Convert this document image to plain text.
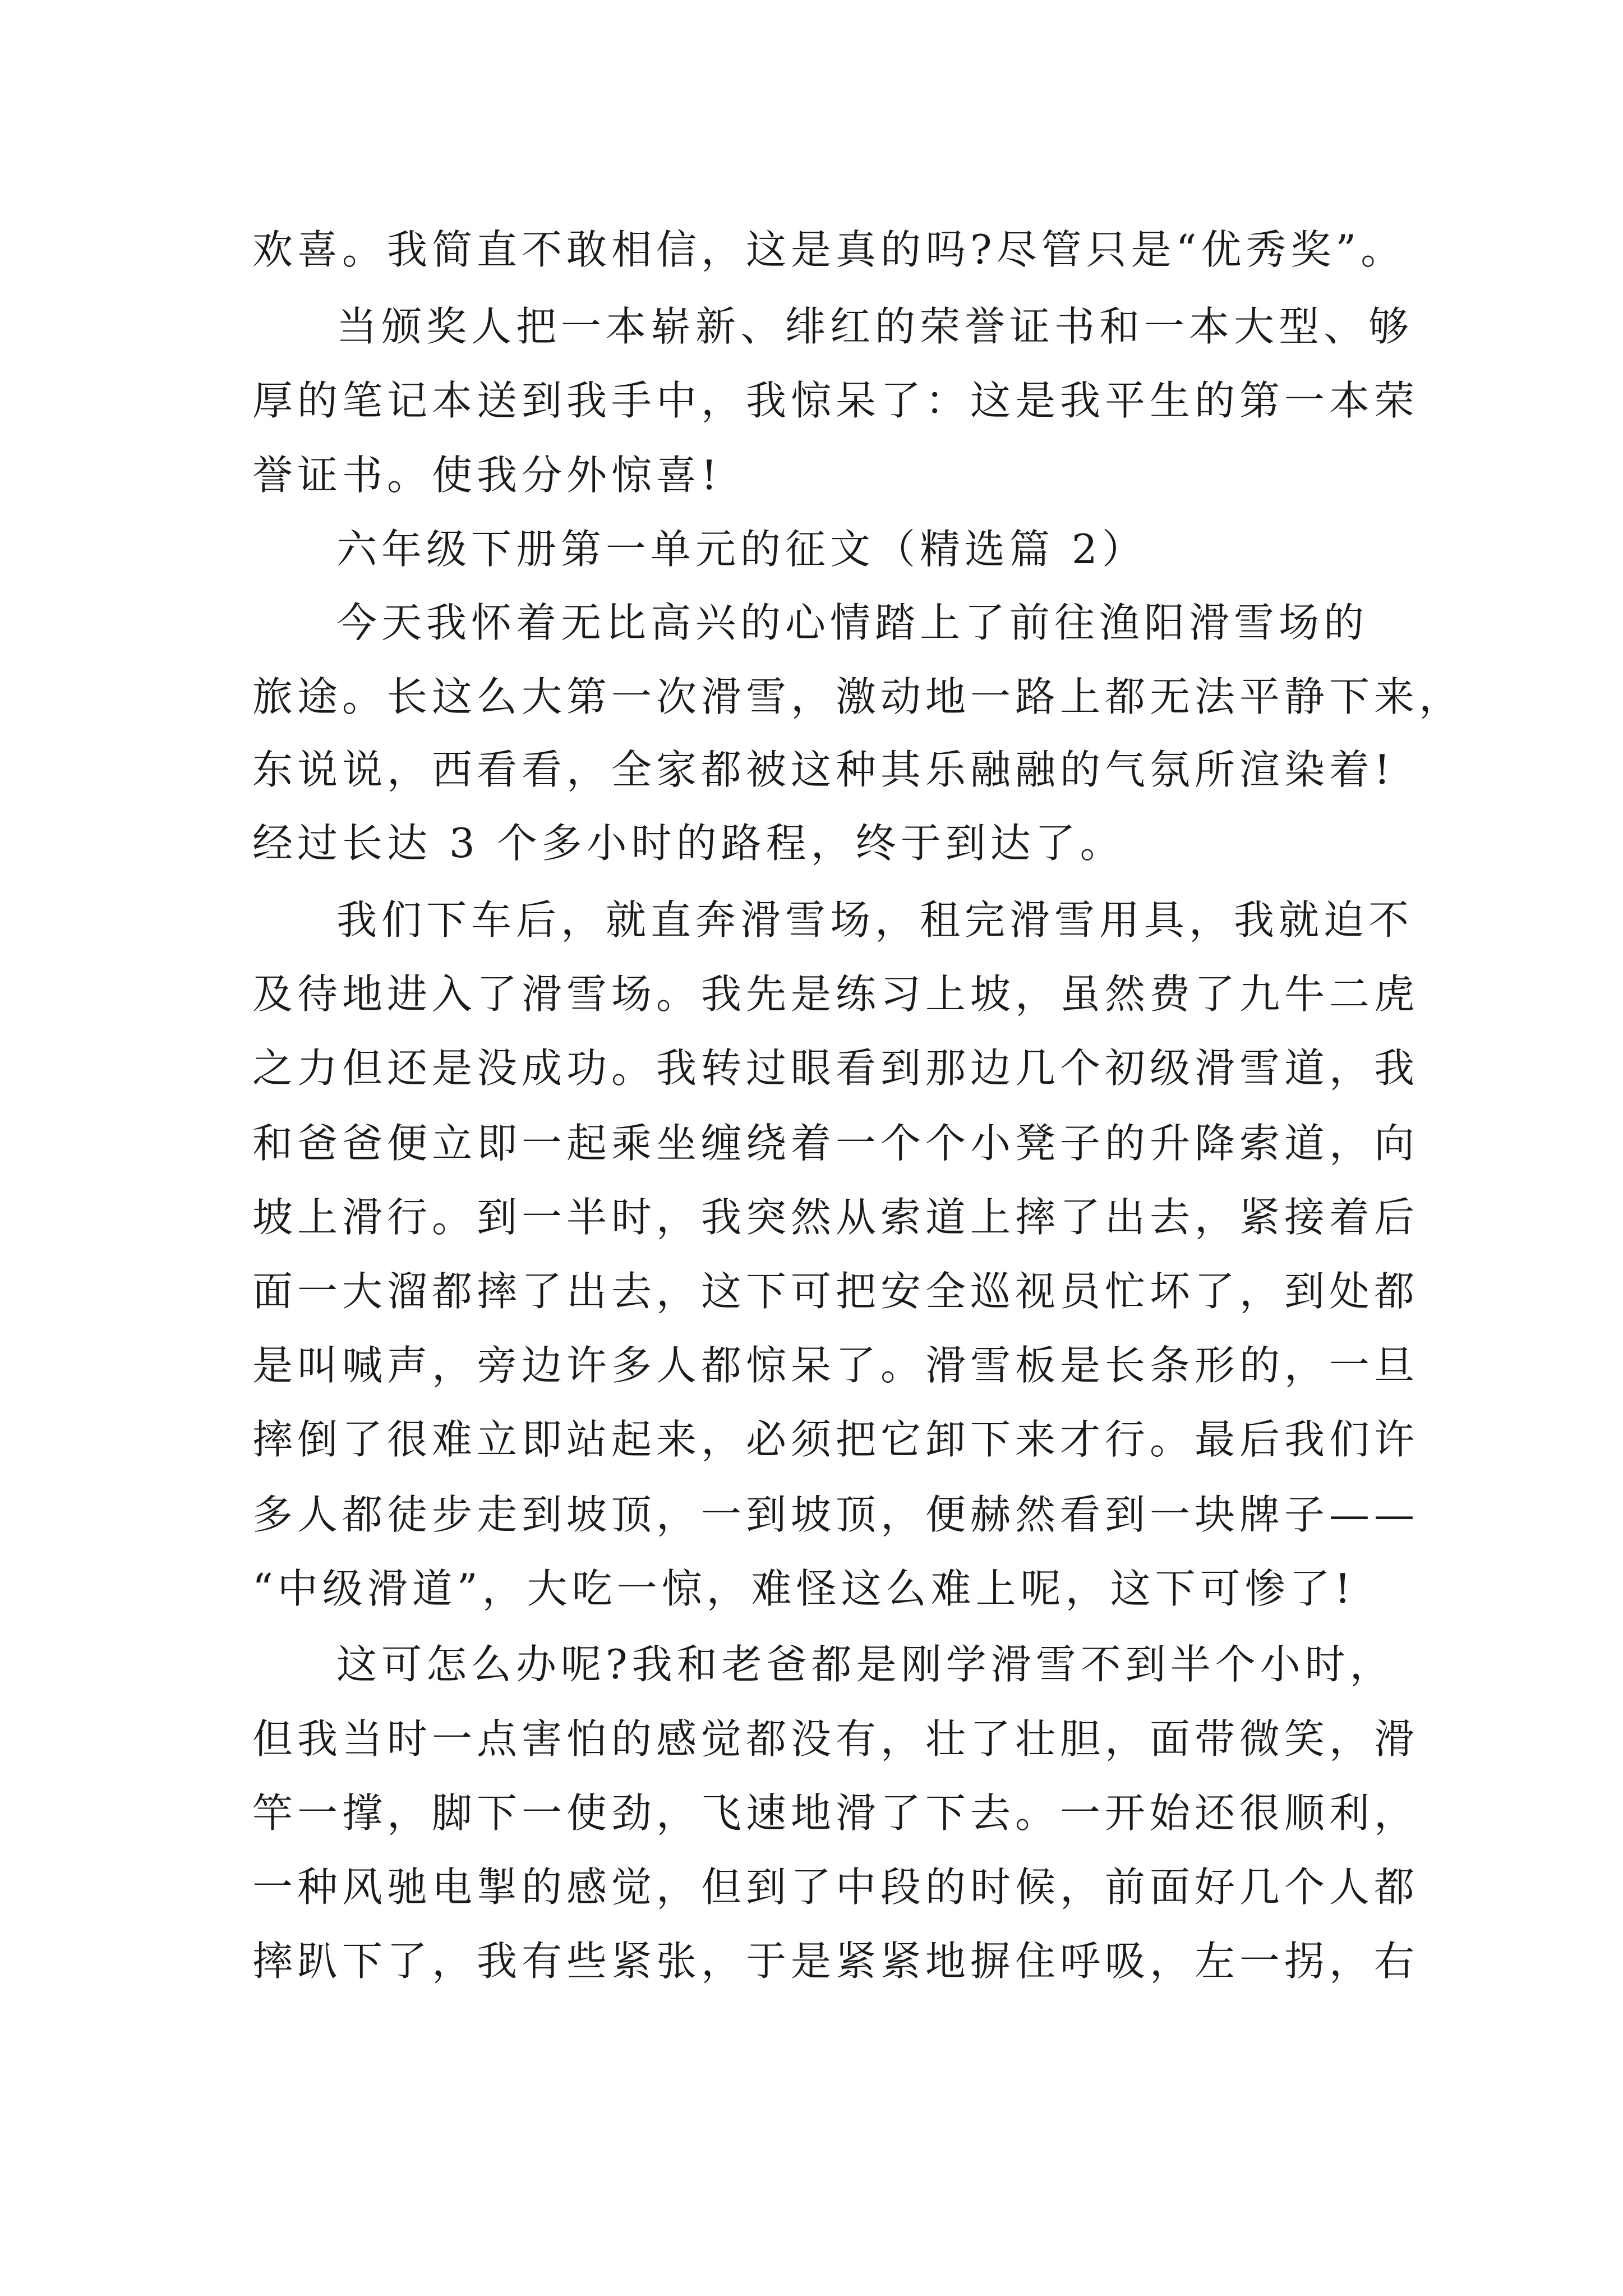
欢喜。我简直不敢相信，这是真的吗?尽管只是“优秀奖”。
当颁奖人把一本崭新、绯红的荣誉证书和一本大型、够
厚的笔记本送到我手中，我惊呆了：这是我平生的第一本荣
誉证书。使我分外惊喜!
六年级下册第一单元的征文（精选篇 2）
今天我怀着无比高兴的心情踏上了前往渔阳滑雪场的
旅途。长这么大第一次滑雪，激动地一路上都无法平静下来，
东说说，西看看，全家都被这种其乐融融的气氛所渲染着!
经过长达 3 个多小时的路程，终于到达了。
我们下车后，就直奔滑雪场，租完滑雪用具，我就迫不
及待地进入了滑雪场。我先是练习上坡，虽然费了九牛二虎
之力但还是没成功。我转过眼看到那边几个初级滑雪道，我
和爸爸便立即一起乘坐缠绕着一个个小凳子的升降索道，向
坡上滑行。到一半时，我突然从索道上摔了出去，紧接着后
面一大溜都摔了出去，这下可把安全巡视员忙坏了，到处都
是叫喊声，旁边许多人都惊呆了。滑雪板是长条形的，一旦
摔倒了很难立即站起来，必须把它卸下来才行。最后我们许
多人都徒步走到坡顶，一到坡顶，便赫然看到一块牌子——
“中级滑道”，大吃一惊，难怪这么难上呢，这下可惨了!
这可怎么办呢?我和老爸都是刚学滑雪不到半个小时，
但我当时一点害怕的感觉都没有，壮了壮胆，面带微笑，滑
竿一撑，脚下一使劲，飞速地滑了下去。一开始还很顺利，
一种风驰电掣的感觉，但到了中段的时候，前面好几个人都
摔趴下了，我有些紧张，于是紧紧地摒住呼吸，左一拐，右
